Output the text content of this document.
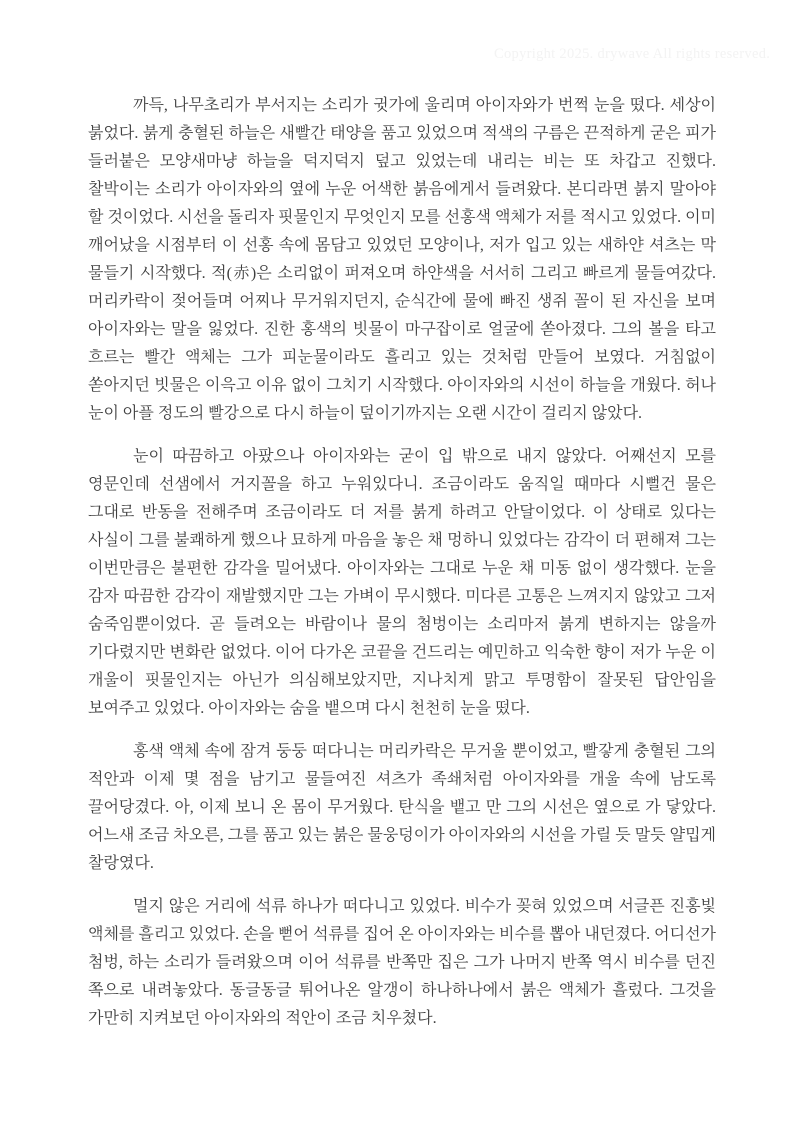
Copyright 2025. drywave All rights reserved.

까득, 나무초리가 부서지는 소리가 귓가에 울리며 아이자와가 번쩍 눈을 떴다. 세상이 붉었다. 붉게 충혈된 하늘은 새빨간 태양을 품고 있었으며 적색의 구름은 끈적하게 굳은 피가 들러붙은 모양새마냥 하늘을 덕지덕지 덮고 있었는데 내리는 비는 또 차갑고 진했다. 찰박이는 소리가 아이자와의 옆에 누운 어색한 붉음에게서 들려왔다. 본디라면 붉지 말아야 할 것이었다. 시선을 돌리자 핏물인지 무엇인지 모를 선홍색 액체가 저를 적시고 있었다. 이미 깨어났을 시점부터 이 선홍 속에 몸담고 있었던 모양이나, 저가 입고 있는 새하얀 셔츠는 막 물들기 시작했다. 적(赤)은 소리없이 퍼져오며 하얀색을 서서히 그리고 빠르게 물들여갔다. 머리카락이 젖어들며 어찌나 무거워지던지, 순식간에 물에 빠진 생쥐 꼴이 된 자신을 보며 아이자와는 말을 잃었다. 진한 홍색의 빗물이 마구잡이로 얼굴에 쏟아졌다. 그의 볼을 타고 흐르는 빨간 액체는 그가 피눈물이라도 흘리고 있는 것처럼 만들어 보였다. 거침없이 쏟아지던 빗물은 이윽고 이유 없이 그치기 시작했다. 아이자와의 시선이 하늘을 개웠다. 허나 눈이 아플 정도의 빨강으로 다시 하늘이 덮이기까지는 오랜 시간이 걸리지 않았다.

눈이 따끔하고 아팠으나 아이자와는 굳이 입 밖으로 내지 않았다. 어째선지 모를 영문인데 선샘에서 거지꼴을 하고 누워있다니. 조금이라도 움직일 때마다 시뻘건 물은 그대로 반동을 전해주며 조금이라도 더 저를 붉게 하려고 안달이었다. 이 상태로 있다는 사실이 그를 불쾌하게 했으나 묘하게 마음을 놓은 채 멍하니 있었다는 감각이 더 편해져 그는 이번만큼은 불편한 감각을 밀어냈다. 아이자와는 그대로 누운 채 미동 없이 생각했다. 눈을 감자 따끔한 감각이 재발했지만 그는 가벼이 무시했다. 미다른 고통은 느껴지지 않았고 그저 숨죽임뿐이었다. 곧 들려오는 바람이나 물의 첨벙이는 소리마저 붉게 변하지는 않을까 기다렸지만 변화란 없었다. 이어 다가온 코끝을 건드리는 예민하고 익숙한 향이 저가 누운 이 개울이 핏물인지는 아닌가 의심해보았지만, 지나치게 맑고 투명함이 잘못된 답안임을 보여주고 있었다. 아이자와는 숨을 뱉으며 다시 천천히 눈을 떴다.

홍색 액체 속에 잠겨 둥둥 떠다니는 머리카락은 무거울 뿐이었고, 빨갛게 충혈된 그의 적안과 이제 몇 점을 남기고 물들여진 셔츠가 족쇄처럼 아이자와를 개울 속에 남도록 끌어당겼다. 아, 이제 보니 온 몸이 무거웠다. 탄식을 뱉고 만 그의 시선은 옆으로 가 닿았다. 어느새 조금 차오른, 그를 품고 있는 붉은 물웅덩이가 아이자와의 시선을 가릴 듯 말듯 얄밉게 찰랑였다.

멀지 않은 거리에 석류 하나가 떠다니고 있었다. 비수가 꽂혀 있었으며 서글픈 진홍빛 액체를 흘리고 있었다. 손을 뻗어 석류를 집어 온 아이자와는 비수를 뽑아 내던졌다. 어디선가 첨벙, 하는 소리가 들려왔으며 이어 석류를 반쪽만 집은 그가 나머지 반쪽 역시 비수를 던진 쪽으로 내려놓았다. 동글동글 튀어나온 알갱이 하나하나에서 붉은 액체가 흘렀다. 그것을 가만히 지켜보던 아이자와의 적안이 조금 치우쳤다.
